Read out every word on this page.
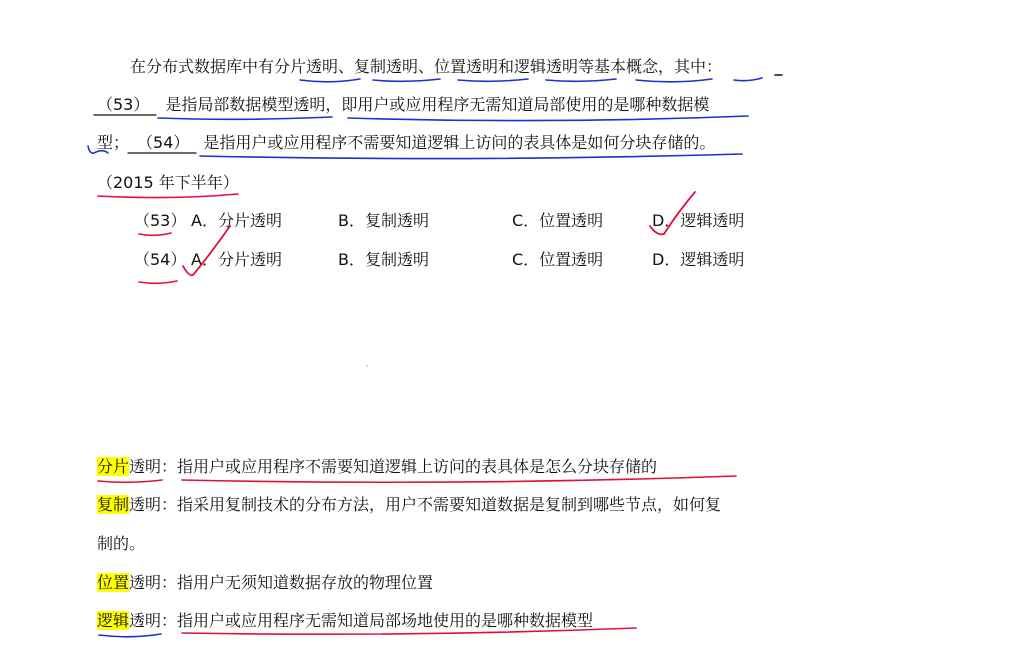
在分布式数据库中有分片透明、复制透明、位置透明和逻辑透明等基本概念，其中：
（53） 是指局部数据模型透明，即用户或应用程序无需知道局部使用的是哪种数据模
型； （54） 是指用户或应用程序不需要知道逻辑上访问的表具体是如何分块存储的。
（2015 年下半年）
（53） A．分片透明	B．复制透明	C．位置透明	D．逻辑透明
（54） A．分片透明	B．复制透明	C．位置透明	D．逻辑透明
分片透明：指用户或应用程序不需要知道逻辑上访问的表具体是怎么分块存储的
复制透明：指采用复制技术的分布方法，用户不需要知道数据是复制到哪些节点，如何复
制的。
位置透明：指用户无须知道数据存放的物理位置
逻辑透明：指用户或应用程序无需知道局部场地使用的是哪种数据模型
